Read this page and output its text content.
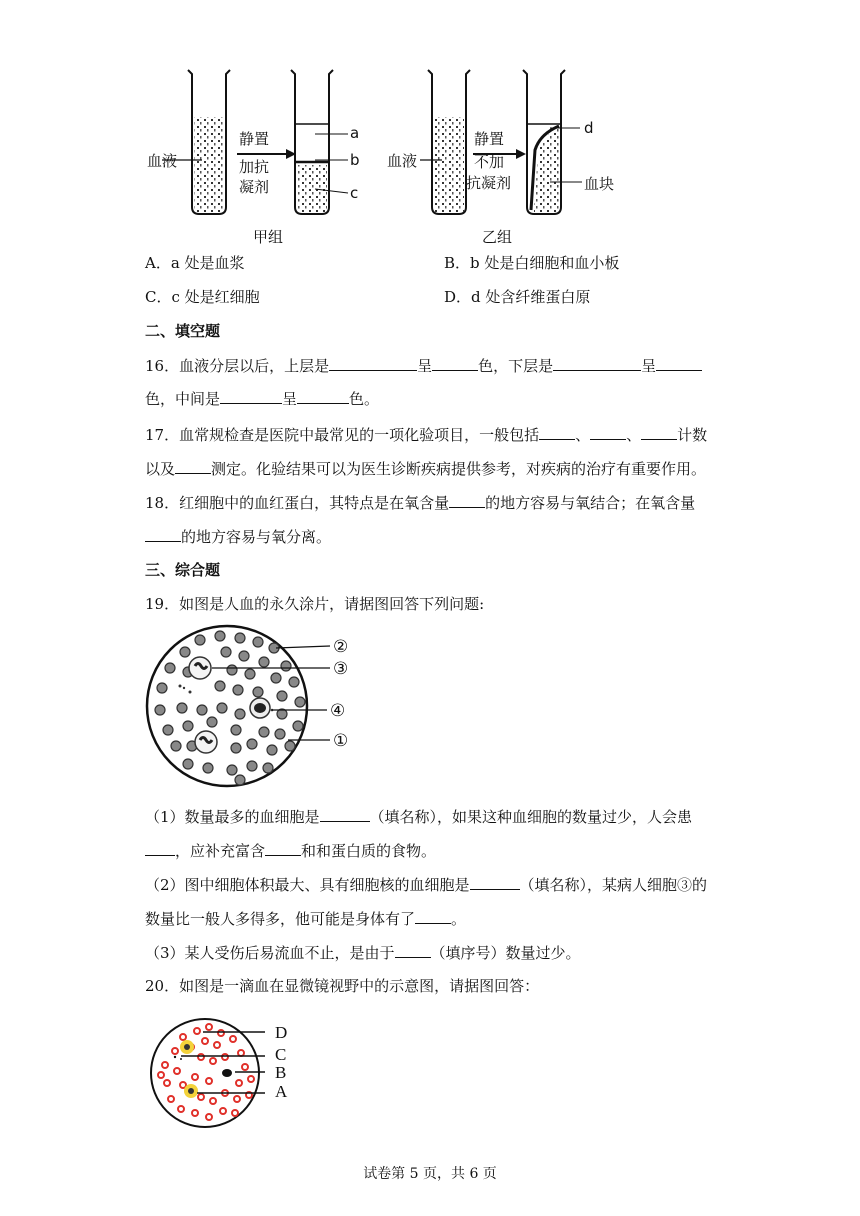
血液
静置
加抗
凝剂
a
b
c
甲组
血液
静置
不加
抗凝剂
d
血块
乙组
A．a 处是血浆	B．b 处是白细胞和血小板
C．c 处是红细胞	D．d 处含纤维蛋白原
二、填空题
16．血液分层以后，上层是	呈	色，下层是	呈
色，中间是	呈	色。
17．血常规检查是医院中最常见的一项化验项目，一般包括 、 、 计数
以及 测定。化验结果可以为医生诊断疾病提供参考，对疾病的治疗有重要作用。
18．红细胞中的血红蛋白，其特点是在氧含量 的地方容易与氧结合；在氧含量
的地方容易与氧分离。
三、综合题
19．如图是人血的永久涂片，请据图回答下列问题:
②
③
④
①
（1）数量最多的血细胞是	（填名称），如果这种血细胞的数量过少，人会患
，应补充富含 和和蛋白质的食物。
（2）图中细胞体积最大、具有细胞核的血细胞是	（填名称），某病人细胞③的
数量比一般人多得多，他可能是身体有了 。
（3）某人受伤后易流血不止，是由于 （填序号）数量过少。
20．如图是一滴血在显微镜视野中的示意图，请据图回答：
D
C
B
A
试卷第 5 页，共 6 页
